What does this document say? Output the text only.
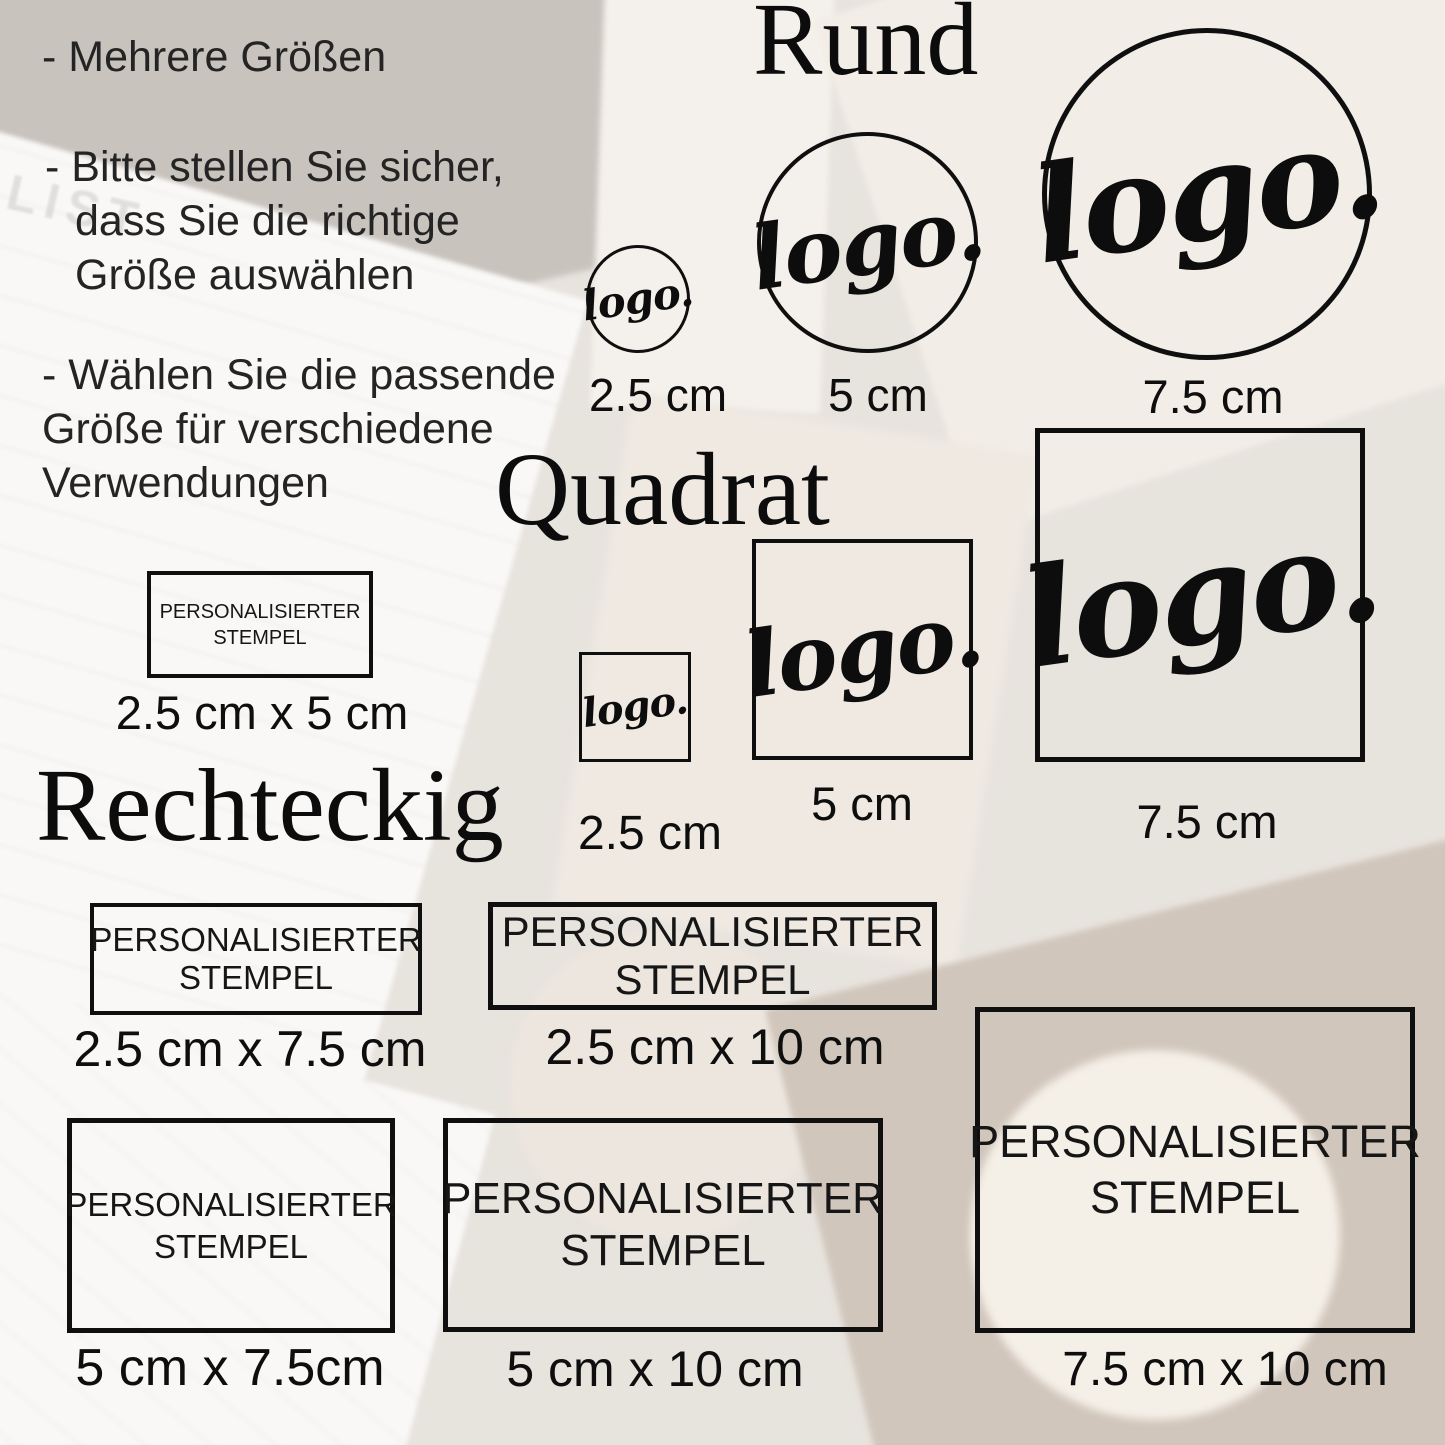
- Mehrere Größen
- Bitte stellen Sie sicher,
dass Sie die richtige
Größe auswählen
- Wählen Sie die passende
Größe für verschiedene
Verwendungen
Rund
logo. logo. logo.
2.5 cm 5 cm	7.5 cm
Quadrat
logo. logo. logo.
2.5 cm
5 cm	7.5 cm
Rechteckig
PERSONALISIERTER
STEMPEL
2.5 cm x 5 cm
PERSONALISIERTER
STEMPEL
2.5 cm x 7.5 cm
PERSONALISIERTER
STEMPEL
2.5 cm x 10 cm
PERSONALISIERTER
STEMPEL
5 cm x 7.5cm
PERSONALISIERTER
STEMPEL
5 cm x 10 cm
PERSONALISIERTER
STEMPEL
7.5 cm x 10 cm
